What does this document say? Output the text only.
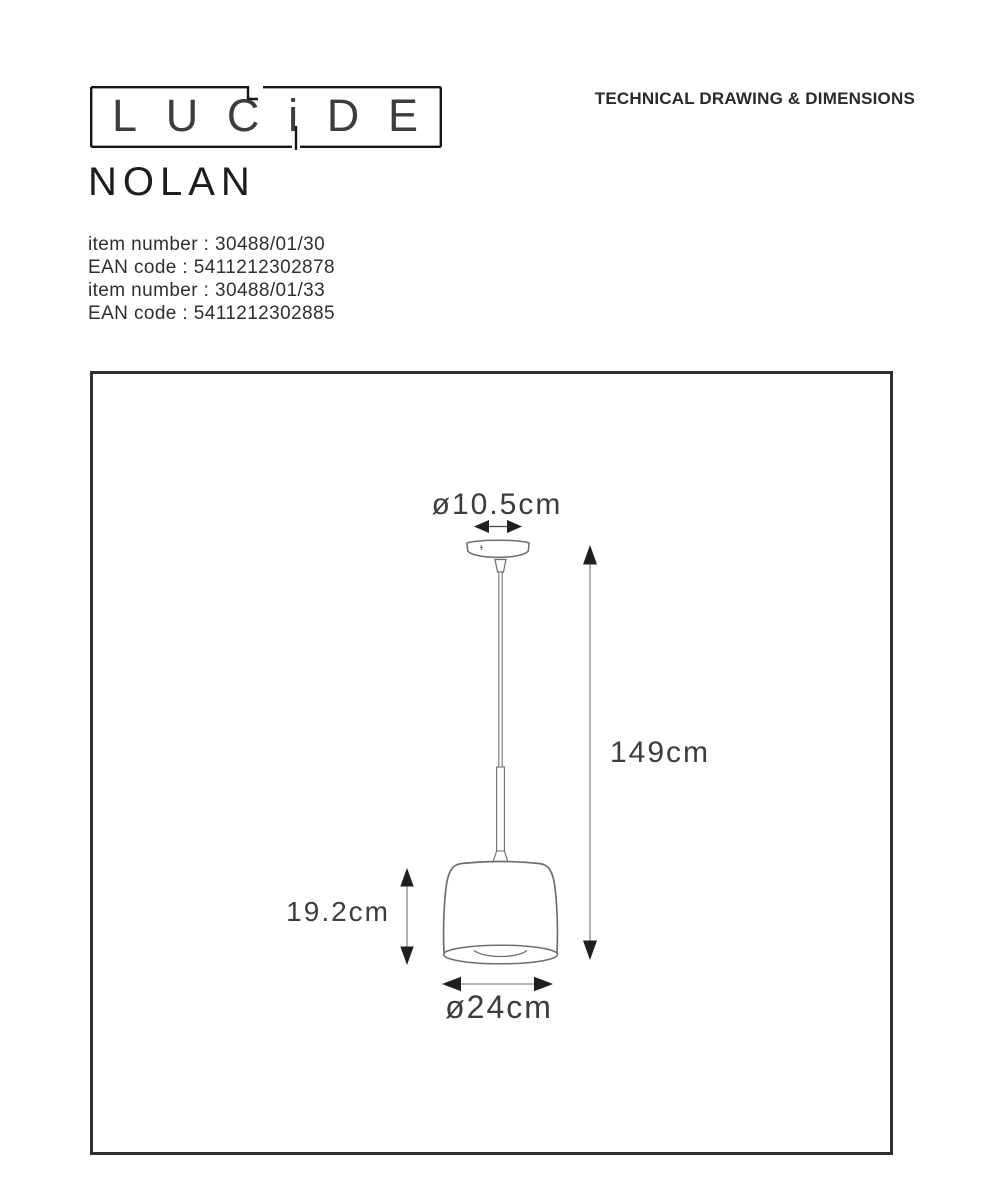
LUCiDE	TECHNICAL DRAWING & DIMENSIONS
NOLAN
item number : 30488/01/30
EAN code : 5411212302878
item number : 30488/01/33
EAN code : 5411212302885
ø10.5cm
149cm
19.2cm
ø24cm
